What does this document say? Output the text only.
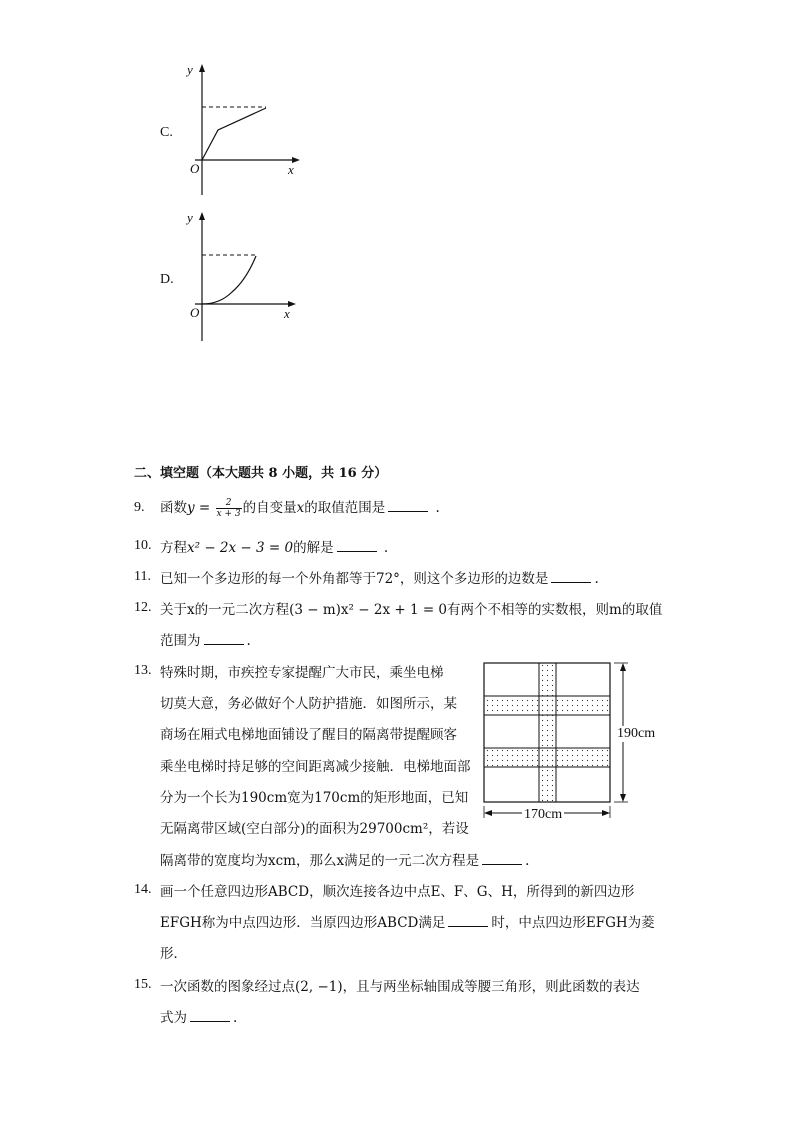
C.
y
O	x
D.
y
O	x
二、填空题（本大题共 8 小题，共 16 分）
9. 函数$y = \frac{2}{x + 3}$ 的自变量x的取值范围是	.
10. 方程x² − 2x − 3 = 0的解是	.
11. 已知一个多边形的每一个外角都等于72°，则这个多边形的边数是	.
12. 关于x的一元二次方程(3 − m)x² − 2x + 1 = 0有两个不相等的实数根，则m的取值
范围为	.
13. 特殊时期，市疾控专家提醒广大市民，乘坐电梯
切莫大意，务必做好个人防护措施．如图所示，某
商场在厢式电梯地面铺设了醒目的隔离带提醒顾客
乘坐电梯时持足够的空间距离减少接触．电梯地面部
分为一个长为190cm宽为170cm的矩形地面，已知
无隔离带区域(空白部分)的面积为29700cm²，若设
隔离带的宽度均为xcm，那么x满足的一元二次方程是	.
190cm
170cm
14. 画一个任意四边形ABCD，顺次连接各边中点E、F、G、H，所得到的新四边形
EFGH称为中点四边形．当原四边形ABCD满足	时，中点四边形EFGH为菱
形．
15. 一次函数的图象经过点(2, −1)，且与两坐标轴围成等腰三角形，则此函数的表达
式为	.
